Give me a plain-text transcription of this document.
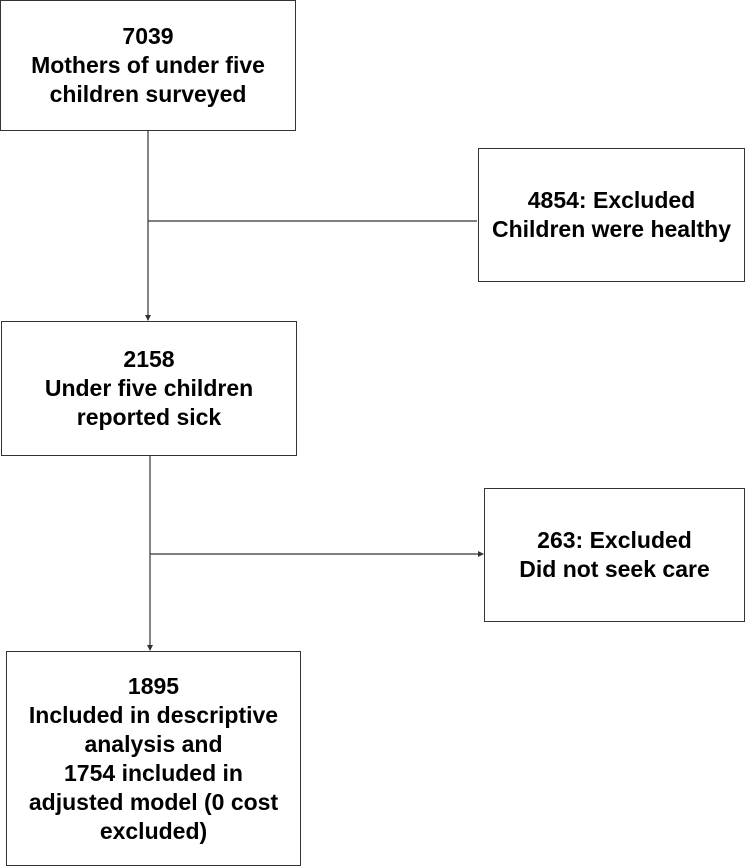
7039
Mothers of under five
children surveyed
4854: Excluded
Children were healthy
2158
Under five children
reported sick
263: Excluded
Did not seek care
1895
Included in descriptive
analysis and
1754 included in
adjusted model (0 cost
excluded)
